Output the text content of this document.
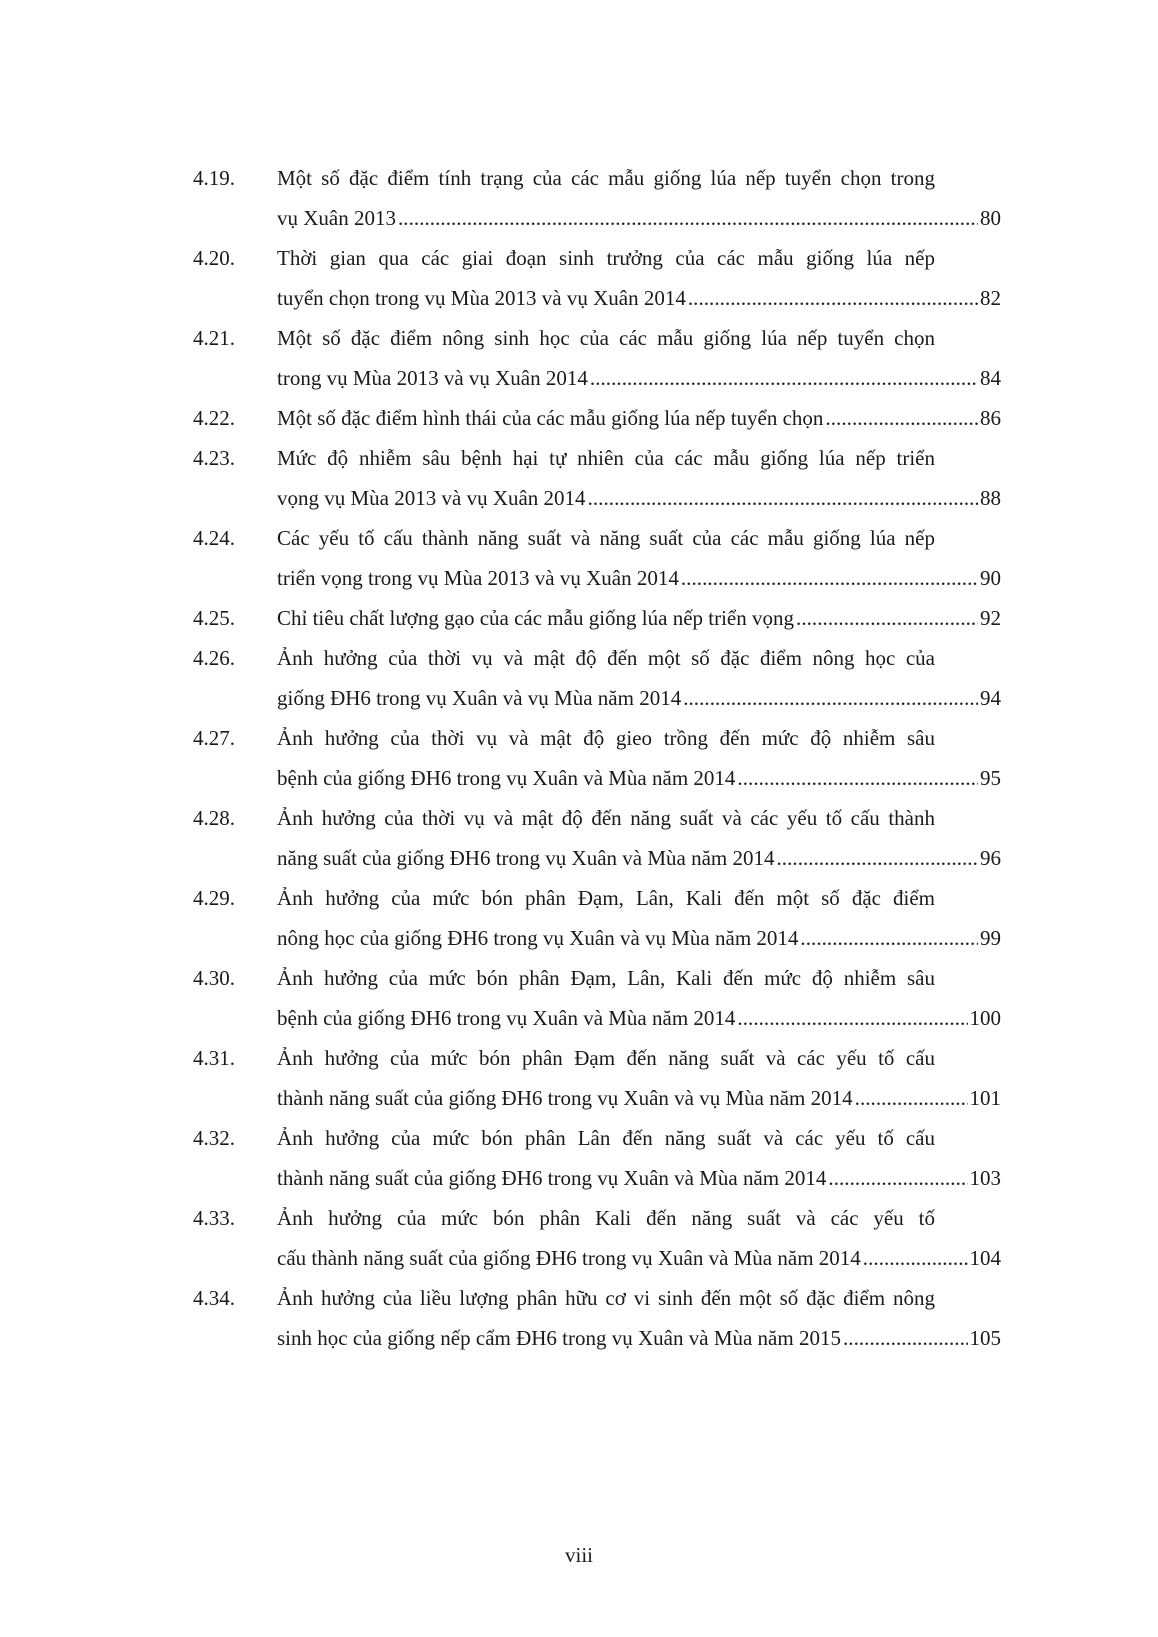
4.19. Một số đặc điểm tính trạng của các mẫu giống lúa nếp tuyển chọn trong
vụ Xuân 2013 . . .	80
4.20. Thời gian qua các giai đoạn sinh trưởng của các mẫu giống lúa nếp
tuyển chọn trong vụ Mùa 2013 và vụ Xuân 2014 . . .	82
4.21. Một số đặc điểm nông sinh học của các mẫu giống lúa nếp tuyển chọn
trong vụ Mùa 2013 và vụ Xuân 2014 . . .	84
4.22. Một số đặc điểm hình thái của các mẫu giống lúa nếp tuyển chọn . . .	86
4.23. Mức độ nhiễm sâu bệnh hại tự nhiên của các mẫu giống lúa nếp triển
vọng vụ Mùa 2013 và vụ Xuân 2014 . . .	88
4.24. Các yếu tố cấu thành năng suất và năng suất của các mẫu giống lúa nếp
triển vọng trong vụ Mùa 2013 và vụ Xuân 2014 . . .	90
4.25. Chỉ tiêu chất lượng gạo của các mẫu giống lúa nếp triển vọng . . .	92
4.26. Ảnh hưởng của thời vụ và mật độ đến một số đặc điểm nông học của
giống ĐH6 trong vụ Xuân và vụ Mùa năm 2014 . . .	94
4.27. Ảnh hưởng của thời vụ và mật độ gieo trồng đến mức độ nhiễm sâu
bệnh của giống ĐH6 trong vụ Xuân và Mùa năm 2014 . . .	95
4.28. Ảnh hưởng của thời vụ và mật độ đến năng suất và các yếu tố cấu thành
năng suất của giống ĐH6 trong vụ Xuân và Mùa năm 2014 . . .	96
4.29. Ảnh hưởng của mức bón phân Đạm, Lân, Kali đến một số đặc điểm
nông học của giống ĐH6 trong vụ Xuân và vụ Mùa năm 2014 . . .	99
4.30. Ảnh hưởng của mức bón phân Đạm, Lân, Kali đến mức độ nhiễm sâu
bệnh của giống ĐH6 trong vụ Xuân và Mùa năm 2014 . . .	100
4.31. Ảnh hưởng của mức bón phân Đạm đến năng suất và các yếu tố cấu
thành năng suất của giống ĐH6 trong vụ Xuân và vụ Mùa năm 2014 . . .	101
4.32. Ảnh hưởng của mức bón phân Lân đến năng suất và các yếu tố cấu
thành năng suất của giống ĐH6 trong vụ Xuân và Mùa năm 2014 . . .	103
4.33. Ảnh hưởng của mức bón phân Kali đến năng suất và các yếu tố
cấu thành năng suất của giống ĐH6 trong vụ Xuân và Mùa năm 2014 . . .	104
4.34. Ảnh hưởng của liều lượng phân hữu cơ vi sinh đến một số đặc điểm nông
sinh học của giống nếp cẩm ĐH6 trong vụ Xuân và Mùa năm 2015 . . .	105
viii
